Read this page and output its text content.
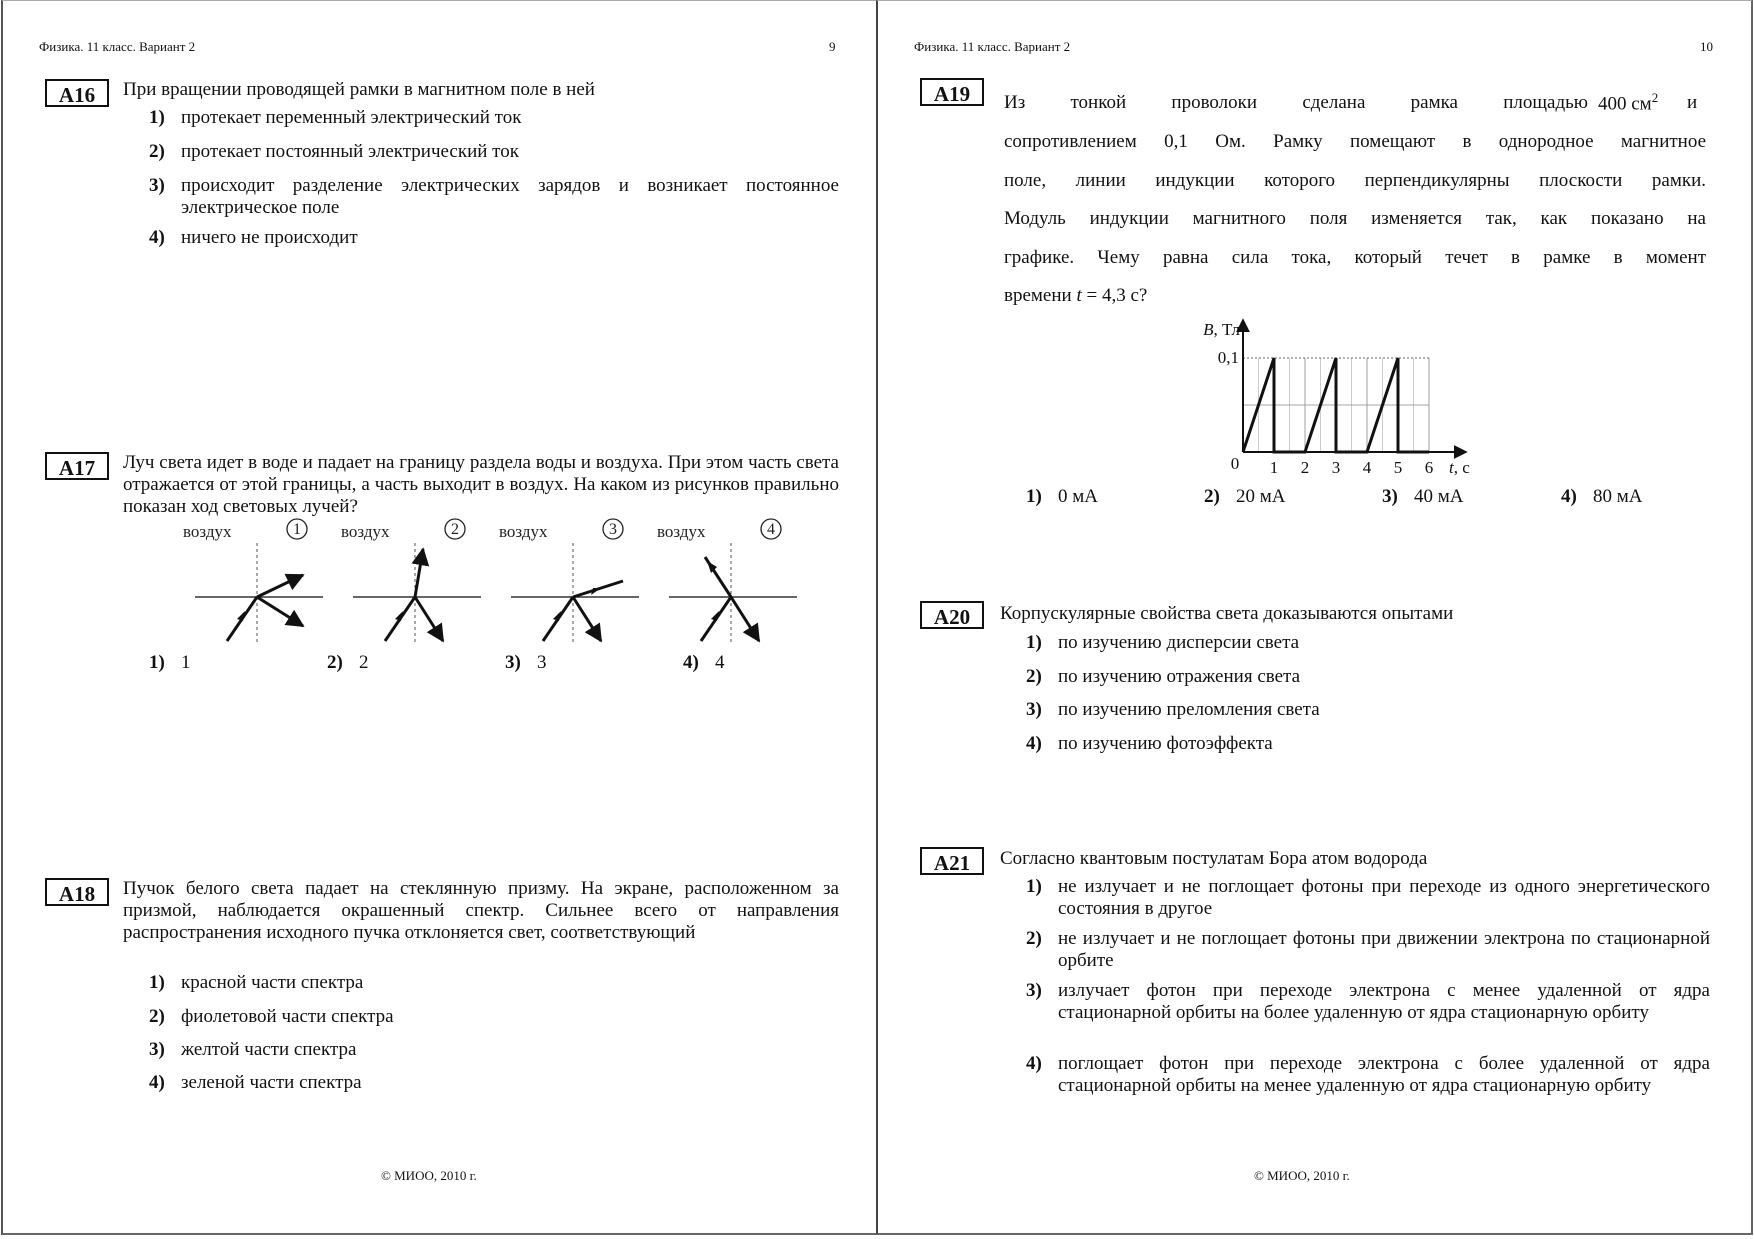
Физика. 11 класс. Вариант 2	9
А16	При вращении проводящей рамки в магнитном поле в ней
1) протекает переменный электрический ток
2) протекает постоянный электрический ток
3) происходит разделение электрических зарядов и возникает постоянное электрическое поле
4) ничего не происходит
А17	Луч света идет в воде и падает на границу раздела воды и воздуха. При этом часть света отражается от этой границы, а часть выходит в воздух. На каком из рисунков правильно показан ход световых лучей?
воздух	1 воздух	2 воздух	3 воздух	4
1) 1	2) 2	3) 3	4) 4
А18	Пучок белого света падает на стеклянную призму. На экране, расположенном за призмой, наблюдается окрашенный спектр. Сильнее всего от направления распространения исходного пучка отклоняется свет, соответствующий
1) красной части спектра
2) фиолетовой части спектра
3) желтой части спектра
4) зеленой части спектра
© МИОО, 2010 г.
Физика. 11 класс. Вариант 2	10
А19	Из тонкой проволоки сделана рамка площадью 400 $см^2$ и
сопротивлением 0,1 Ом. Рамку помещают в однородное магнитное
поле, линии индукции которого перпендикулярны плоскости рамки.
Модуль индукции магнитного поля изменяется так, как показано на
графике. Чему равна сила тока, который течет в рамке в момент
времени t = 4,3 с?
1 2 3 4 5 6
0
0,1
B, Тл
t, с
1) 0 мА	2) 20 мА	3) 40 мА	4) 80 мА
А20	Корпускулярные свойства света доказываются опытами
1) по изучению дисперсии света
2) по изучению отражения света
3) по изучению преломления света
4) по изучению фотоэффекта
А21	Согласно квантовым постулатам Бора атом водорода
1) не излучает и не поглощает фотоны при переходе из одного энергетического состояния в другое
2) не излучает и не поглощает фотоны при движении электрона по стационарной орбите
3) излучает фотон при переходе электрона с менее удаленной от ядра стационарной орбиты на более удаленную от ядра стационарную орбиту
4) поглощает фотон при переходе электрона с более удаленной от ядра стационарной орбиты на менее удаленную от ядра стационарную орбиту
© МИОО, 2010 г.
